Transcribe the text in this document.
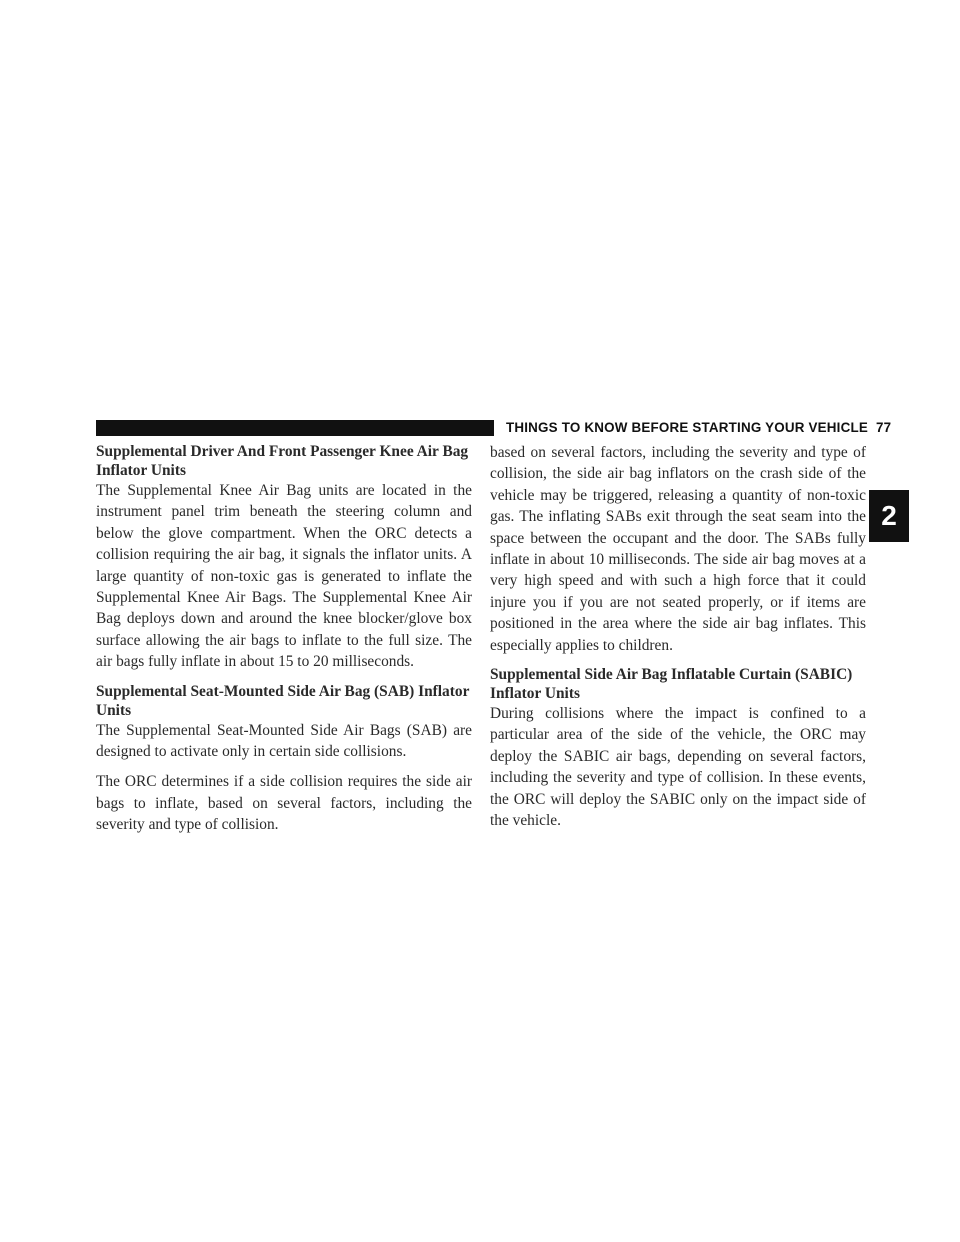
THINGS TO KNOW BEFORE STARTING YOUR VEHICLE 77
2
Supplemental Driver And Front Passenger Knee Air Bag Inflator Units

The Supplemental Knee Air Bag units are located in the instrument panel trim beneath the steering column and below the glove compartment. When the ORC detects a collision requiring the air bag, it signals the inflator units. A large quantity of non-toxic gas is generated to inflate the Supplemental Knee Air Bags. The Supplemental Knee Air Bag deploys down and around the knee blocker/glove box surface allowing the air bags to inflate to the full size. The air bags fully inflate in about 15 to 20 milliseconds.

Supplemental Seat-Mounted Side Air Bag (SAB) Inflator Units

The Supplemental Seat-Mounted Side Air Bags (SAB) are designed to activate only in certain side collisions.

The ORC determines if a side collision requires the side air bags to inflate, based on several factors, including the severity and type of collision.

based on several factors, including the severity and type of collision, the side air bag inflators on the crash side of the vehicle may be triggered, releasing a quantity of non-toxic gas. The inflating SABs exit through the seat seam into the space between the occupant and the door. The SABs fully inflate in about 10 milliseconds. The side air bag moves at a very high speed and with such a high force that it could injure you if you are not seated properly, or if items are positioned in the area where the side air bag inflates. This especially applies to children.

Supplemental Side Air Bag Inflatable Curtain (SABIC) Inflator Units

During collisions where the impact is confined to a particular area of the side of the vehicle, the ORC may deploy the SABIC air bags, depending on several factors, including the severity and type of collision. In these events, the ORC will deploy the SABIC only on the impact side of the vehicle.
